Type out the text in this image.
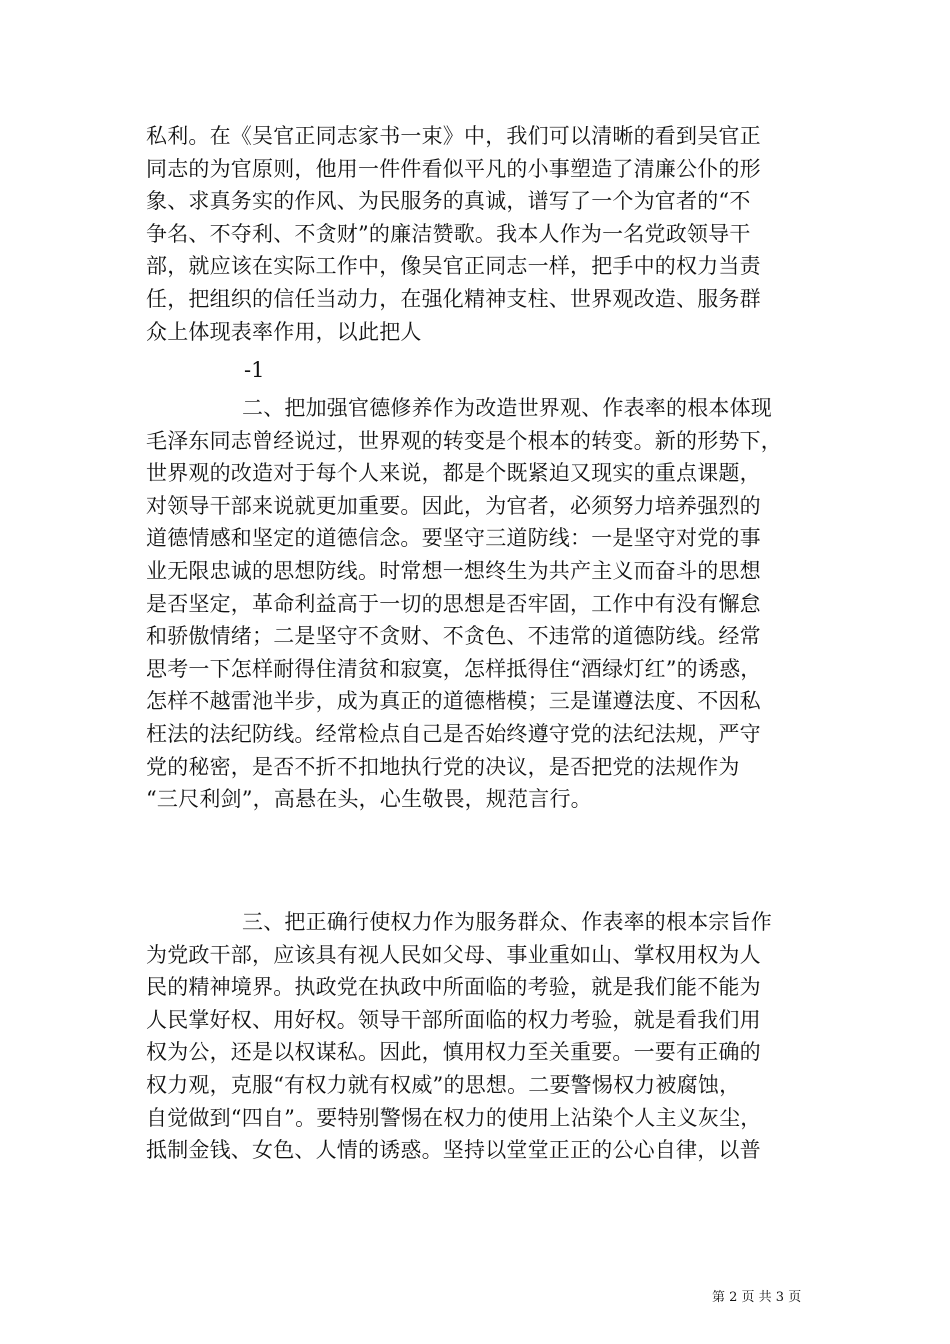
私利。在《吴官正同志家书一束》中，我们可以清晰的看到吴官正
同志的为官原则，他用一件件看似平凡的小事塑造了清廉公仆的形
象、求真务实的作风、为民服务的真诚，谱写了一个为官者的“不
争名、不夺利、不贪财”的廉洁赞歌。我本人作为一名党政领导干
部，就应该在实际工作中，像吴官正同志一样，把手中的权力当责
任，把组织的信任当动力，在强化精神支柱、世界观改造、服务群
众上体现表率作用，以此把人
-1
二、把加强官德修养作为改造世界观、作表率的根本体现
毛泽东同志曾经说过，世界观的转变是个根本的转变。新的形势下，
世界观的改造对于每个人来说，都是个既紧迫又现实的重点课题，
对领导干部来说就更加重要。因此，为官者，必须努力培养强烈的
道德情感和坚定的道德信念。要坚守三道防线：一是坚守对党的事
业无限忠诚的思想防线。时常想一想终生为共产主义而奋斗的思想
是否坚定，革命利益高于一切的思想是否牢固，工作中有没有懈怠
和骄傲情绪；二是坚守不贪财、不贪色、不违常的道德防线。经常
思考一下怎样耐得住清贫和寂寞，怎样抵得住“酒绿灯红”的诱惑，
怎样不越雷池半步，成为真正的道德楷模；三是谨遵法度、不因私
枉法的法纪防线。经常检点自己是否始终遵守党的法纪法规，严守
党的秘密，是否不折不扣地执行党的决议，是否把党的法规作为
“三尺利剑”，高悬在头，心生敬畏，规范言行。
三、把正确行使权力作为服务群众、作表率的根本宗旨作
为党政干部，应该具有视人民如父母、事业重如山、掌权用权为人
民的精神境界。执政党在执政中所面临的考验，就是我们能不能为
人民掌好权、用好权。领导干部所面临的权力考验，就是看我们用
权为公，还是以权谋私。因此，慎用权力至关重要。一要有正确的
权力观，克服“有权力就有权威”的思想。二要警惕权力被腐蚀，
自觉做到“四自”。要特别警惕在权力的使用上沾染个人主义灰尘，
抵制金钱、女色、人情的诱惑。坚持以堂堂正正的公心自律，以普
第 2 页 共 3 页
